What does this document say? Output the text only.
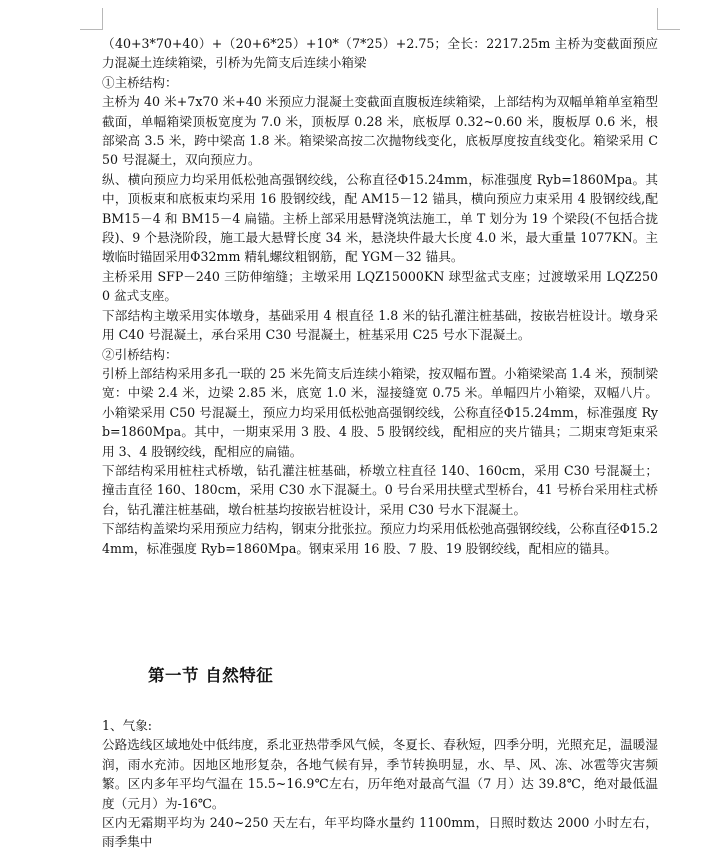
（40+3*70+40）+（20+6*25）+10*（7*25）+2.75；全长：2217.25m 主桥为变截面预应力混凝土连续箱梁，引桥为先简支后连续小箱梁

①主桥结构：

主桥为 40 米+7x70 米+40 米预应力混凝土变截面直腹板连续箱梁，上部结构为双幅单箱单室箱型截面，单幅箱梁顶板宽度为 7.0 米，顶板厚 0.28 米，底板厚 0.32~0.60 米，腹板厚 0.6 米，根部梁高 3.5 米，跨中梁高 1.8 米。箱梁梁高按二次抛物线变化，底板厚度按直线变化。箱梁采用 C50 号混凝土，双向预应力。

纵、横向预应力均采用低松弛高强钢绞线，公称直径Φ15.24mm，标准强度 Ryb=1860Mpa。其中，顶板束和底板束均采用 16 股钢绞线，配 AM15－12 锚具，横向预应力束采用 4 股钢绞线,配 BM15－4 和 BM15－4 扁锚。主桥上部采用悬臂浇筑法施工，单 T 划分为 19 个梁段(不包括合拢段)、9 个悬浇阶段，施工最大悬臂长度 34 米，悬浇块件最大长度 4.0 米，最大重量 1077KN。主墩临时锚固采用Φ32mm 精轧螺纹粗钢筋，配 YGM－32 锚具。

主桥采用 SFP－240 三防伸缩缝；主墩采用 LQZ15000KN 球型盆式支座；过渡墩采用 LQZ2500 盆式支座。

下部结构主墩采用实体墩身，基础采用 4 根直径 1.8 米的钻孔灌注桩基础，按嵌岩桩设计。墩身采用 C40 号混凝土，承台采用 C30 号混凝土，桩基采用 C25 号水下混凝土。

②引桥结构：

引桥上部结构采用多孔一联的 25 米先简支后连续小箱梁，按双幅布置。小箱梁梁高 1.4 米，预制梁宽：中梁 2.4 米，边梁 2.85 米，底宽 1.0 米，湿接缝宽 0.75 米。单幅四片小箱梁，双幅八片。小箱梁采用 C50 号混凝土，预应力均采用低松弛高强钢绞线，公称直径Φ15.24mm，标准强度 Ryb=1860Mpa。其中，一期束采用 3 股、4 股、5 股钢绞线，配相应的夹片锚具；二期束弯矩束采用 3、4 股钢绞线，配相应的扁锚。

下部结构采用桩柱式桥墩，钻孔灌注桩基础，桥墩立柱直径 140、160cm，采用 C30 号混凝土；撞击直径 160、180cm，采用 C30 水下混凝土。0 号台采用扶壁式型桥台，41 号桥台采用柱式桥台，钻孔灌注桩基础，墩台桩基均按嵌岩桩设计，采用 C30 号水下混凝土。

下部结构盖梁均采用预应力结构，钢束分批张拉。预应力均采用低松弛高强钢绞线，公称直径Φ15.24mm，标准强度 Ryb=1860Mpa。钢束采用 16 股、7 股、19 股钢绞线，配相应的锚具。

第一节 自然特征

1、气象:

公路选线区域地处中低纬度，系北亚热带季风气候，冬夏长、春秋短，四季分明，光照充足，温暖湿润，雨水充沛。因地区地形复杂，各地气候有异，季节转换明显，水、旱、风、冻、冰雹等灾害频繁。区内多年平均气温在 15.5~16.9℃左右，历年绝对最高气温（7 月）达 39.8℃，绝对最低温度（元月）为-16℃。

区内无霜期平均为 240~250 天左右，年平均降水量约 1100mm，日照时数达 2000 小时左右，雨季集中
